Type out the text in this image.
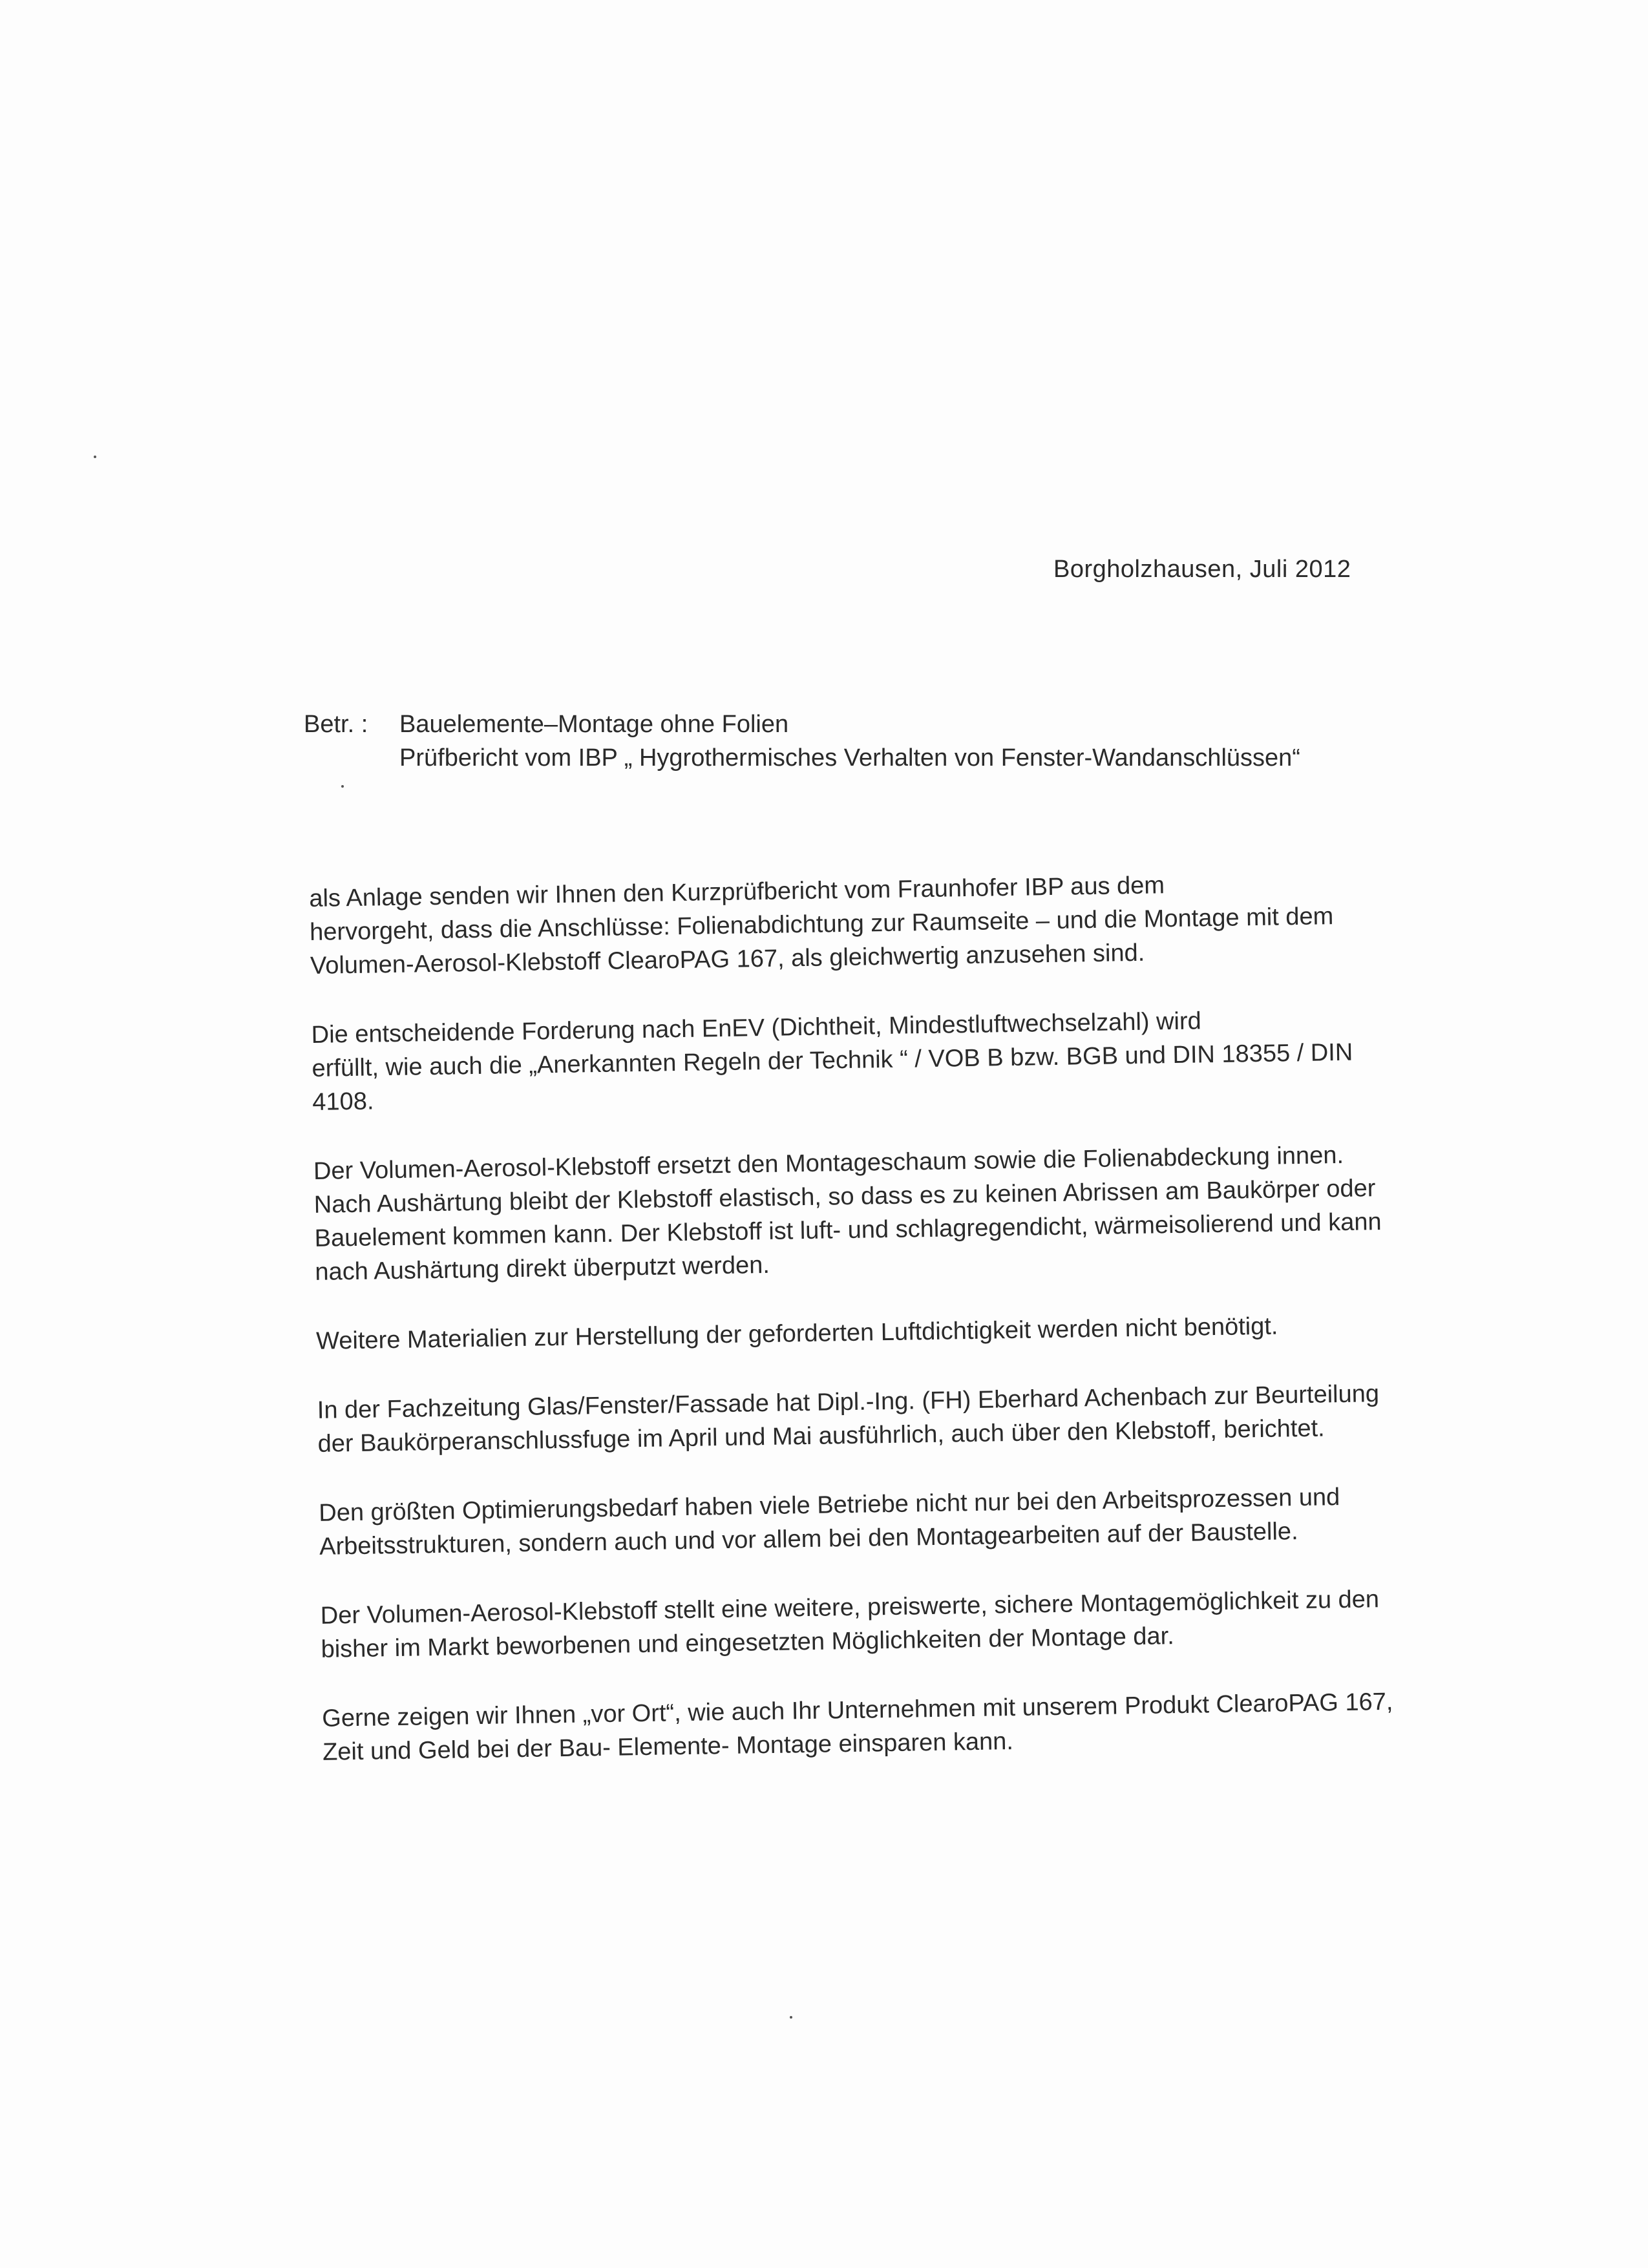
Borgholzhausen, Juli 2012
Betr. : Bauelemente–Montage ohne Folien
Prüfbericht vom IBP „ Hygrothermisches Verhalten von Fenster-Wandanschlüssen“

als Anlage senden wir Ihnen den Kurzprüfbericht vom Fraunhofer IBP aus dem
hervorgeht, dass die Anschlüsse: Folienabdichtung zur Raumseite – und die Montage mit dem
Volumen-Aerosol-Klebstoff ClearoPAG 167, als gleichwertig anzusehen sind.

Die entscheidende Forderung nach EnEV (Dichtheit, Mindestluftwechselzahl) wird
erfüllt, wie auch die „Anerkannten Regeln der Technik “ / VOB B bzw. BGB und DIN 18355 / DIN
4108.

Der Volumen-Aerosol-Klebstoff ersetzt den Montageschaum sowie die Folienabdeckung innen.
Nach Aushärtung bleibt der Klebstoff elastisch, so dass es zu keinen Abrissen am Baukörper oder
Bauelement kommen kann. Der Klebstoff ist luft- und schlagregendicht, wärmeisolierend und kann
nach Aushärtung direkt überputzt werden.

Weitere Materialien zur Herstellung der geforderten Luftdichtigkeit werden nicht benötigt.

In der Fachzeitung Glas/Fenster/Fassade hat Dipl.-Ing. (FH) Eberhard Achenbach zur Beurteilung
der Baukörperanschlussfuge im April und Mai ausführlich, auch über den Klebstoff, berichtet.

Den größten Optimierungsbedarf haben viele Betriebe nicht nur bei den Arbeitsprozessen und
Arbeitsstrukturen, sondern auch und vor allem bei den Montagearbeiten auf der Baustelle.

Der Volumen-Aerosol-Klebstoff stellt eine weitere, preiswerte, sichere Montagemöglichkeit zu den
bisher im Markt beworbenen und eingesetzten Möglichkeiten der Montage dar.

Gerne zeigen wir Ihnen „vor Ort“, wie auch Ihr Unternehmen mit unserem Produkt ClearoPAG 167,
Zeit und Geld bei der Bau- Elemente- Montage einsparen kann.
